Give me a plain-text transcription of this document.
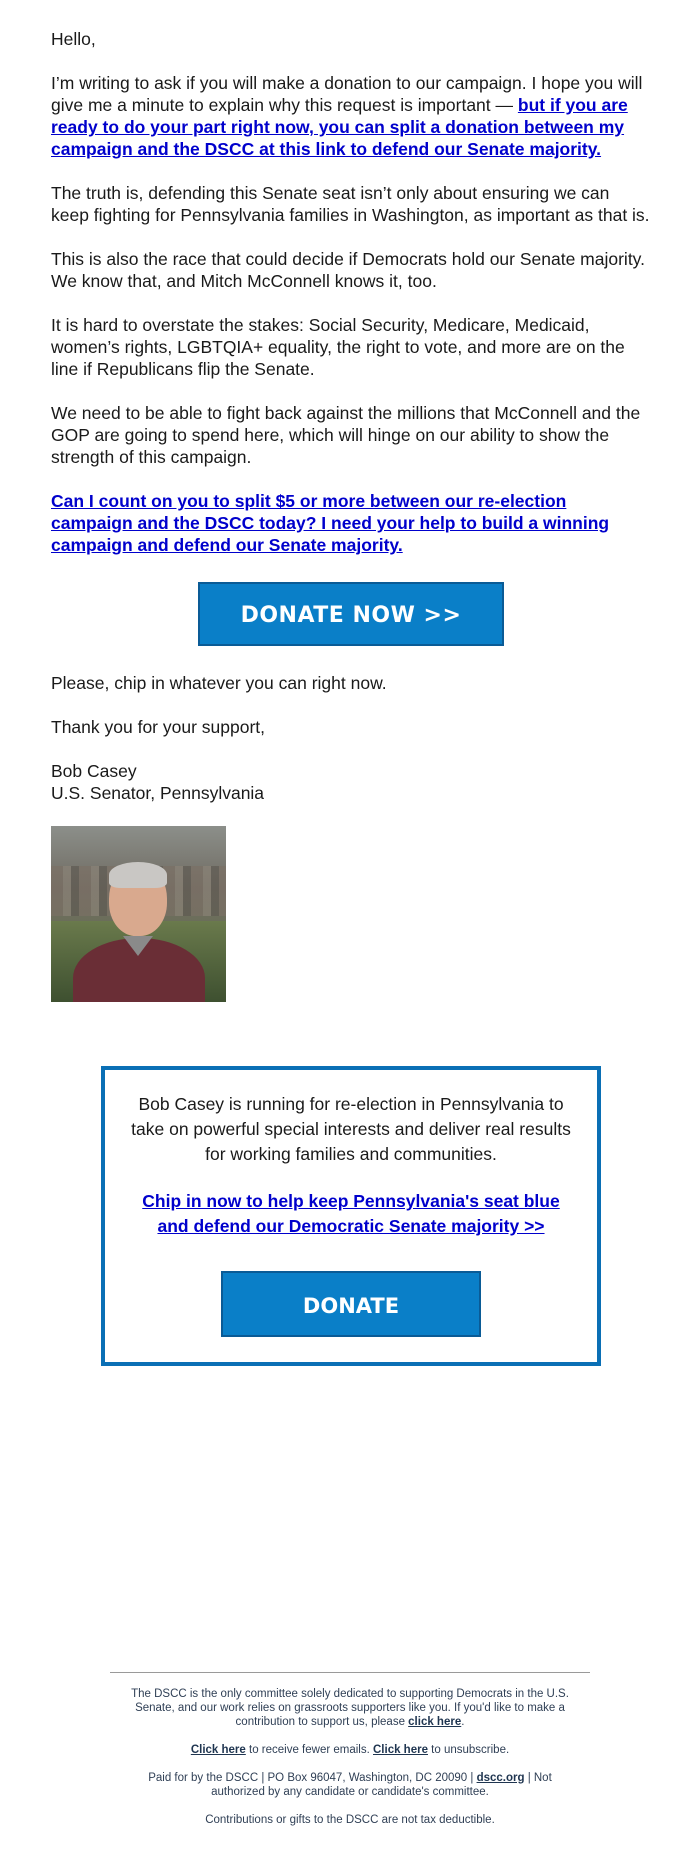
Hello,

I’m writing to ask if you will make a donation to our campaign. I hope you will give me a minute to explain why this request is important — but if you are ready to do your part right now, you can split a donation between my campaign and the DSCC at this link to defend our Senate majority.

The truth is, defending this Senate seat isn’t only about ensuring we can keep fighting for Pennsylvania families in Washington, as important as that is.

This is also the race that could decide if Democrats hold our Senate majority. We know that, and Mitch McConnell knows it, too.

It is hard to overstate the stakes: Social Security, Medicare, Medicaid, women’s rights, LGBTQIA+ equality, the right to vote, and more are on the line if Republicans flip the Senate.

We need to be able to fight back against the millions that McConnell and the GOP are going to spend here, which will hinge on our ability to show the strength of this campaign.

Can I count on you to split $5 or more between our re-election campaign and the DSCC today? I need your help to build a winning campaign and defend our Senate majority.

DONATE NOW >>

Please, chip in whatever you can right now.

Thank you for your support,

Bob Casey

U.S. Senator, Pennsylvania

Bob Casey is running for re-election in Pennsylvania to take on powerful special interests and deliver real results for working families and communities.

Chip in now to help keep Pennsylvania's seat blue and defend our Democratic Senate majority >>

DONATE

The DSCC is the only committee solely dedicated to supporting Democrats in the U.S. Senate, and our work relies on grassroots supporters like you. If you'd like to make a contribution to support us, please click here.

Click here to receive fewer emails. Click here to unsubscribe.

Paid for by the DSCC | PO Box 96047, Washington, DC 20090 | dscc.org | Not authorized by any candidate or candidate's committee.

Contributions or gifts to the DSCC are not tax deductible.
